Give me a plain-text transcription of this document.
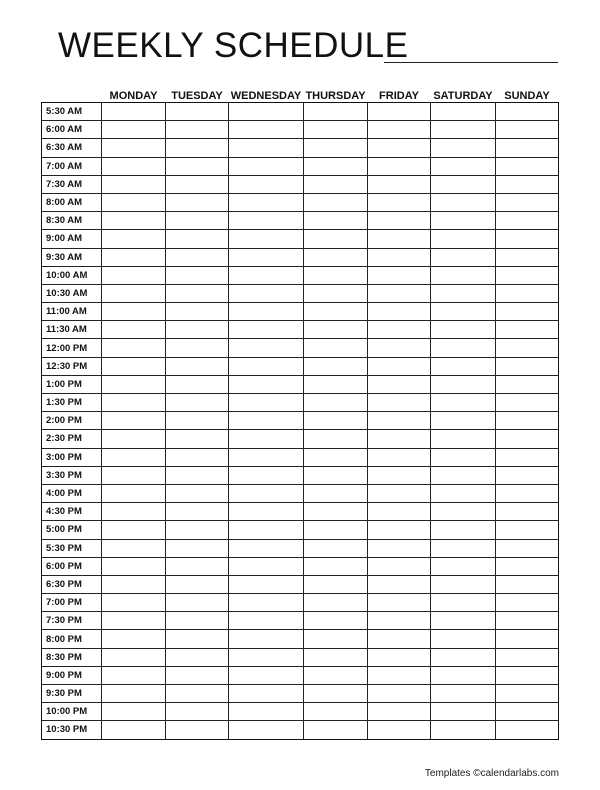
WEEKLY SCHEDULE
	MONDAY	TUESDAY	WEDNESDAY	THURSDAY	FRIDAY	SATURDAY	SUNDAY
5:30 AM							
6:00 AM							
6:30 AM							
7:00 AM							
7:30 AM							
8:00 AM							
8:30 AM							
9:00 AM							
9:30 AM							
10:00 AM							
10:30 AM							
11:00 AM							
11:30 AM							
12:00 PM							
12:30 PM							
1:00 PM							
1:30 PM							
2:00 PM							
2:30 PM							
3:00 PM							
3:30 PM							
4:00 PM							
4:30 PM							
5:00 PM							
5:30 PM							
6:00 PM							
6:30 PM							
7:00 PM							
7:30 PM							
8:00 PM							
8:30 PM							
9:00 PM							
9:30 PM							
10:00 PM							
10:30 PM							
Templates ©calendarlabs.com
